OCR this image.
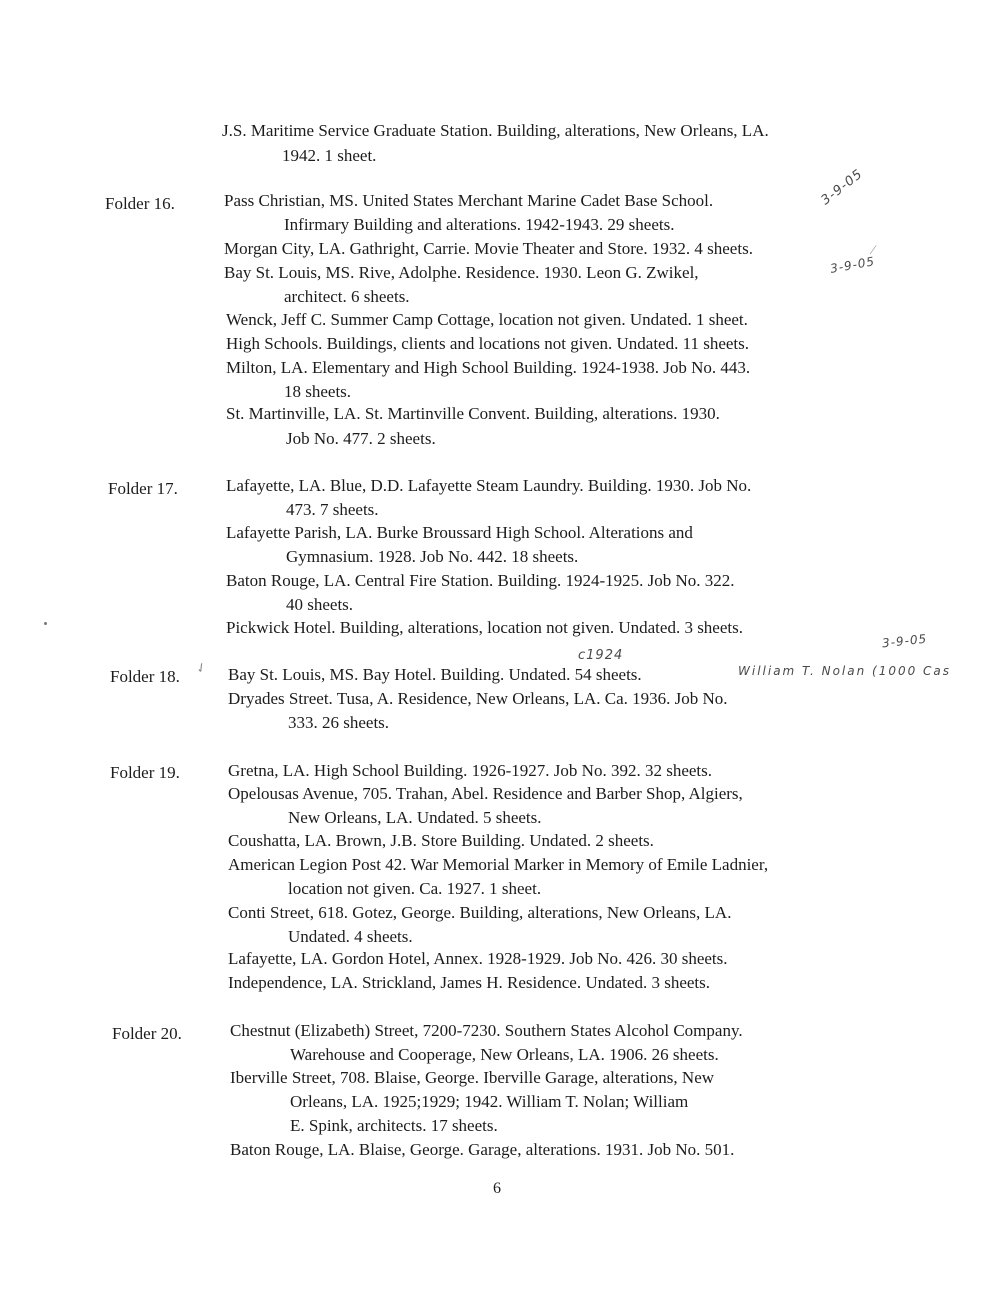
Folder 16.
Folder 17.
Folder 18.
Folder 19.
Folder 20.
J.S. Maritime Service Graduate Station. Building, alterations, New Orleans, LA.
1942. 1 sheet.
Pass Christian, MS. United States Merchant Marine Cadet Base School.
Infirmary Building and alterations. 1942-1943. 29 sheets.
Morgan City, LA. Gathright, Carrie. Movie Theater and Store. 1932. 4 sheets.
Bay St. Louis, MS. Rive, Adolphe. Residence. 1930. Leon G. Zwikel,
architect. 6 sheets.
Wenck, Jeff C. Summer Camp Cottage, location not given. Undated. 1 sheet.
High Schools. Buildings, clients and locations not given. Undated. 11 sheets.
Milton, LA. Elementary and High School Building. 1924-1938. Job No. 443.
18 sheets.
St. Martinville, LA. St. Martinville Convent. Building, alterations. 1930.
Job No. 477. 2 sheets.
Lafayette, LA. Blue, D.D. Lafayette Steam Laundry. Building. 1930. Job No.
473. 7 sheets.
Lafayette Parish, LA. Burke Broussard High School. Alterations and
Gymnasium. 1928. Job No. 442. 18 sheets.
Baton Rouge, LA. Central Fire Station. Building. 1924-1925. Job No. 322.
40 sheets.
Pickwick Hotel. Building, alterations, location not given. Undated. 3 sheets.
Bay St. Louis, MS. Bay Hotel. Building. Undated. 54 sheets.
Dryades Street. Tusa, A. Residence, New Orleans, LA. Ca. 1936. Job No.
333. 26 sheets.
Gretna, LA. High School Building. 1926-1927. Job No. 392. 32 sheets.
Opelousas Avenue, 705. Trahan, Abel. Residence and Barber Shop, Algiers,
New Orleans, LA. Undated. 5 sheets.
Coushatta, LA. Brown, J.B. Store Building. Undated. 2 sheets.
American Legion Post 42. War Memorial Marker in Memory of Emile Ladnier,
location not given. Ca. 1927. 1 sheet.
Conti Street, 618. Gotez, George. Building, alterations, New Orleans, LA.
Undated. 4 sheets.
Lafayette, LA. Gordon Hotel, Annex. 1928-1929. Job No. 426. 30 sheets.
Independence, LA. Strickland, James H. Residence. Undated. 3 sheets.
Chestnut (Elizabeth) Street, 7200-7230. Southern States Alcohol Company.
Warehouse and Cooperage, New Orleans, LA. 1906. 26 sheets.
Iberville Street, 708. Blaise, George. Iberville Garage, alterations, New
Orleans, LA. 1925;1929; 1942. William T. Nolan; William
E. Spink, architects. 17 sheets.
Baton Rouge, LA. Blaise, George. Garage, alterations. 1931. Job No. 501.
3-9-05
⁄
3-9-05
3-9-05
c1924
William T. Nolan (1000 Cas
✓
6
